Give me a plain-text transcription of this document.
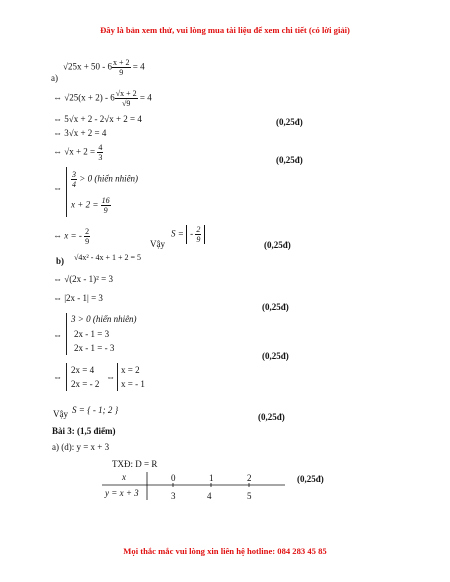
Đây là bản xem thử, vui lòng mua tài liệu để xem chi tiết (có lời giải)
$√25x + 50 - 6 \frac{x + 2}{9} = 4$
a)
⇔ $√25(x + 2) - 6 \frac{√x + 2}{√9} = 4$
⇔ 5√x + 2 - 2√x + 2 = 4	(0,25đ)
⇔ 3√x + 2 = 4
⇔ $√x + 2 = \frac{4}{3}$	(0,25đ)
⇔ $\frac{3}{4} > 0$ (hiển nhiên)
$x + 2 = \frac{16}{9}$
⇔ x = - $\frac{2}{9}$	Vậy
S = - $\frac{2}{9}$
(0,25đ)
b) √4x² - 4x + 1 + 2 = 5
⇔ √(2x - 1)² = 3
⇔ |2x - 1| = 3
(0,25đ)
⇔
3 > 0 (hiển nhiên)
2x - 1 = 3
2x - 1 = - 3
(0,25đ)
⇔
2x = 4
2x = - 2
⇔
x = 2
x = - 1
Vậy S = { - 1; 2 }
(0,25đ)
Bài 3: (1,5 điểm)
a) (d): y = x + 3
TXĐ: D = R
x
y = x + 3
0	1	2
3	4	5
(0,25đ)
Mọi thắc mắc vui lòng xin liên hệ hotline: 084 283 45 85
